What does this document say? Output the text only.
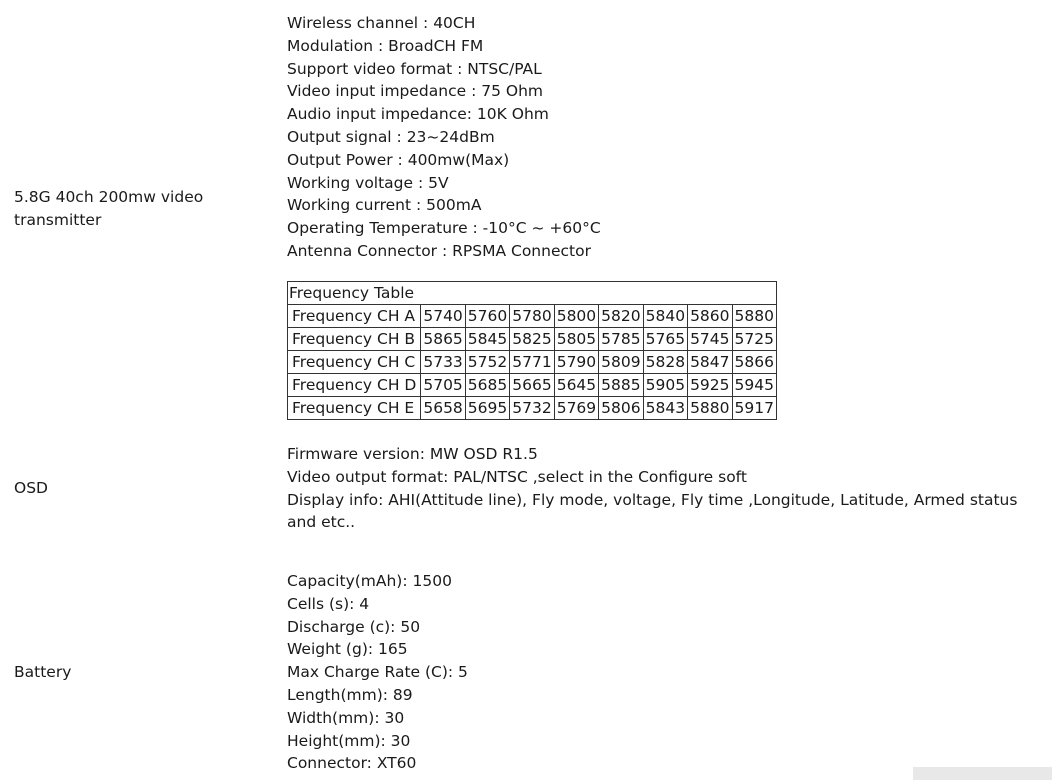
5.8G 40ch 200mw video transmitter
Wireless channel : 40CH
Modulation : BroadCH FM
Support video format : NTSC/PAL
Video input impedance : 75 Ohm
Audio input impedance: 10K Ohm
Output signal : 23~24dBm
Output Power : 400mw(Max)
Working voltage : 5V
Working current : 500mA
Operating Temperature : -10°C ~ +60°C
Antenna Connector : RPSMA Connector
Frequency Table								
Frequency CH A	5740	5760	5780	5800	5820	5840	5860	5880
Frequency CH B	5865	5845	5825	5805	5785	5765	5745	5725
Frequency CH C	5733	5752	5771	5790	5809	5828	5847	5866
Frequency CH D	5705	5685	5665	5645	5885	5905	5925	5945
Frequency CH E	5658	5695	5732	5769	5806	5843	5880	5917
OSD
Firmware version: MW OSD R1.5
Video output format: PAL/NTSC ,select in the Configure soft
Display info: AHI(Attitude line), Fly mode, voltage, Fly time ,Longitude, Latitude, Armed status and etc..
Battery
Capacity(mAh): 1500
Cells (s): 4
Discharge (c): 50
Weight (g): 165
Max Charge Rate (C): 5
Length(mm): 89
Width(mm): 30
Height(mm): 30
Connector: XT60
